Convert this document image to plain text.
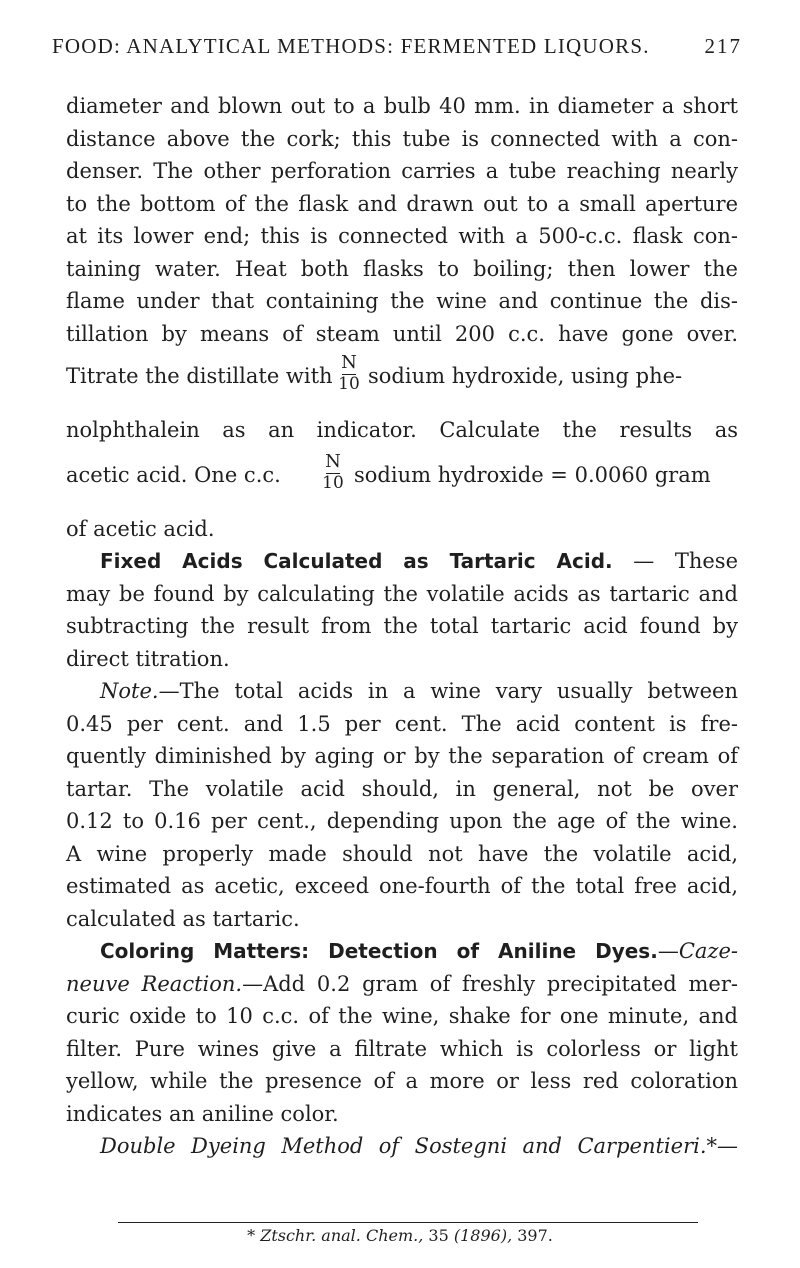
FOOD: ANALYTICAL METHODS: FERMENTED LIQUORS.	217
diameter and blown out to a bulb 40 mm. in diameter a short
distance above the cork; this tube is connected with a con-
denser. The other perforation carries a tube reaching nearly
to the bottom of the flask and drawn out to a small aperture
at its lower end; this is connected with a 500-c.c. flask con-
taining water. Heat both flasks to boiling; then lower the
flame under that containing the wine and continue the dis-
tillation by means of steam until 200 c.c. have gone over.
N
10
Titrate the distillate with sodium hydroxide, using phe-
nolphthalein as an indicator. Calculate the results as
N
10
acetic acid. One c.c.	sodium hydroxide = 0.0060 gram
of acetic acid.
Fixed Acids Calculated as Tartaric Acid. — These
may be found by calculating the volatile acids as tartaric and
subtracting the result from the total tartaric acid found by
direct titration.
Note.—The total acids in a wine vary usually between
0.45 per cent. and 1.5 per cent. The acid content is fre-
quently diminished by aging or by the separation of cream of
tartar. The volatile acid should, in general, not be over
0.12 to 0.16 per cent., depending upon the age of the wine.
A wine properly made should not have the volatile acid,
estimated as acetic, exceed one-fourth of the total free acid,
calculated as tartaric.
Coloring Matters: Detection of Aniline Dyes.—Caze-
neuve Reaction.—Add 0.2 gram of freshly precipitated mer-
curic oxide to 10 c.c. of the wine, shake for one minute, and
filter. Pure wines give a filtrate which is colorless or light
yellow, while the presence of a more or less red coloration
indicates an aniline color.
Double Dyeing Method of Sostegni and Carpentieri.*—
* Ztschr. anal. Chem., 35 (1896), 397.
